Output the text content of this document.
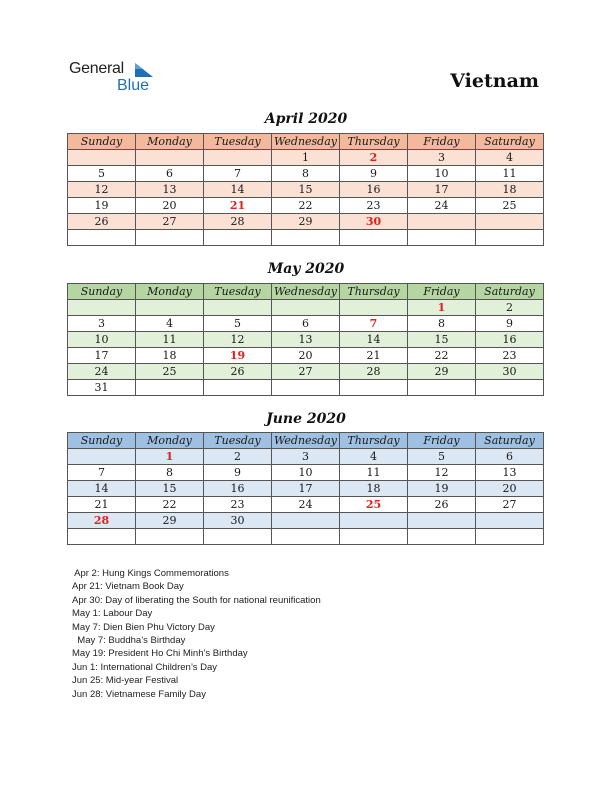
General
Blue	Vietnam
April 2020
Sunday	Monday	Tuesday	Wednesday	Thursday	Friday	Saturday
			1	2	3	4
5	6	7	8	9	10	11
12	13	14	15	16	17	18
19	20	21	22	23	24	25
26	27	28	29	30		

May 2020
Sunday	Monday	Tuesday	Wednesday	Thursday	Friday	Saturday
					1	2
3	4	5	6	7	8	9
10	11	12	13	14	15	16
17	18	19	20	21	22	23
24	25	26	27	28	29	30
31						
June 2020
Sunday	Monday	Tuesday	Wednesday	Thursday	Friday	Saturday
	1	2	3	4	5	6
7	8	9	10	11	12	13
14	15	16	17	18	19	20
21	22	23	24	25	26	27
28	29	30				

Apr 2: Hung Kings Commemorations
Apr 21: Vietnam Book Day
Apr 30: Day of liberating the South for national reunification
May 1: Labour Day
May 7: Dien Bien Phu Victory Day
May 7: Buddha’s Birthday
May 19: President Ho Chi Minh’s Birthday
Jun 1: International Children’s Day
Jun 25: Mid-year Festival
Jun 28: Vietnamese Family Day
